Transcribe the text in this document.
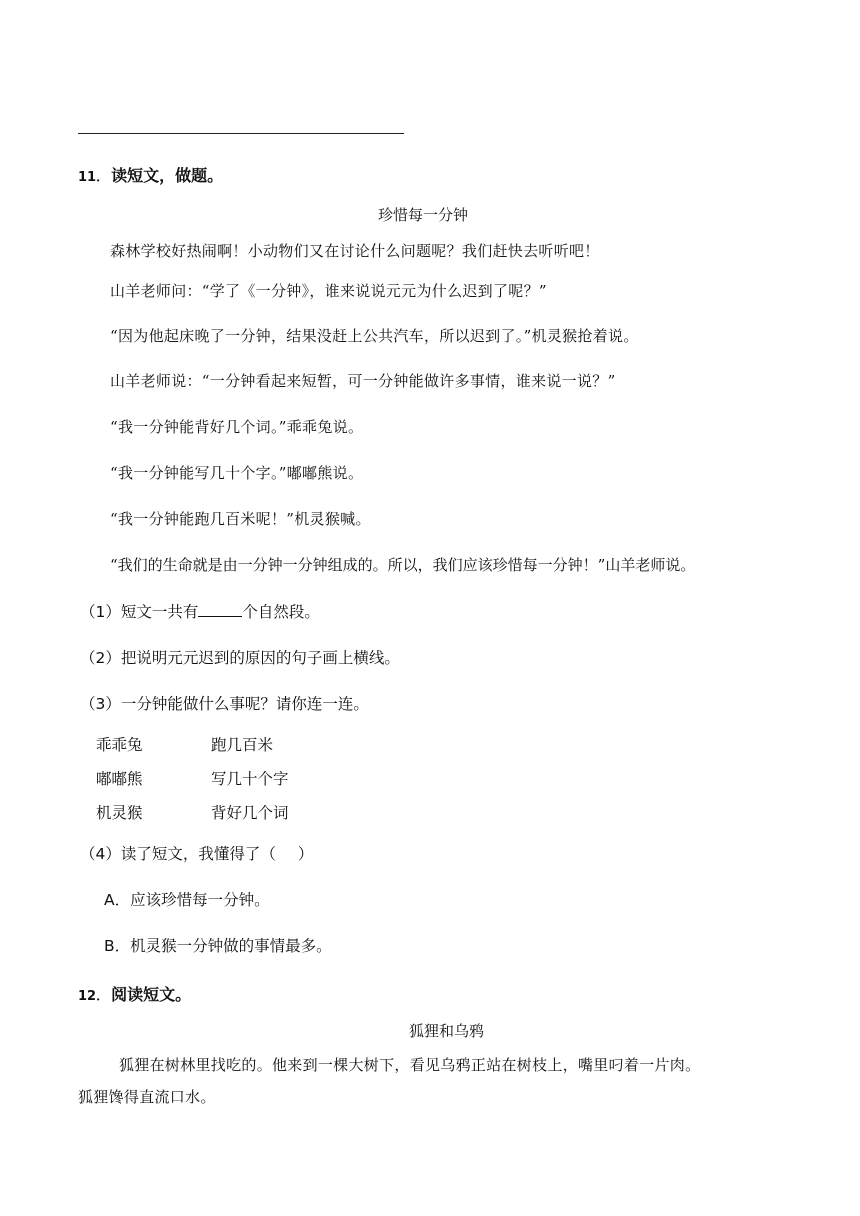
11． 读短文，做题。
珍惜每一分钟
森林学校好热闹啊！小动物们又在讨论什么问题呢？我们赶快去听听吧！
山羊老师问：“学了《一分钟》，谁来说说元元为什么迟到了呢？”
“因为他起床晚了一分钟，结果没赶上公共汽车，所以迟到了。”机灵猴抢着说。
山羊老师说：“一分钟看起来短暂，可一分钟能做许多事情，谁来说一说？”
“我一分钟能背好几个词。”乖乖兔说。
“我一分钟能写几十个字。”嘟嘟熊说。
“我一分钟能跑几百米呢！”机灵猴喊。
“我们的生命就是由一分钟一分钟组成的。所以，我们应该珍惜每一分钟！”山羊老师说。
（1）短文一共有	个自然段。
（2）把说明元元迟到的原因的句子画上横线。
（3）一分钟能做什么事呢？请你连一连。
乖乖兔
嘟嘟熊
机灵猴
跑几百米
写几十个字
背好几个词
（4）读了短文，我懂得了（ ）
A．应该珍惜每一分钟。
B．机灵猴一分钟做的事情最多。
12． 阅读短文。
狐狸和乌鸦
狐狸在树林里找吃的。他来到一棵大树下，看见乌鸦正站在树枝上，嘴里叼着一片肉。
狐狸馋得直流口水。
